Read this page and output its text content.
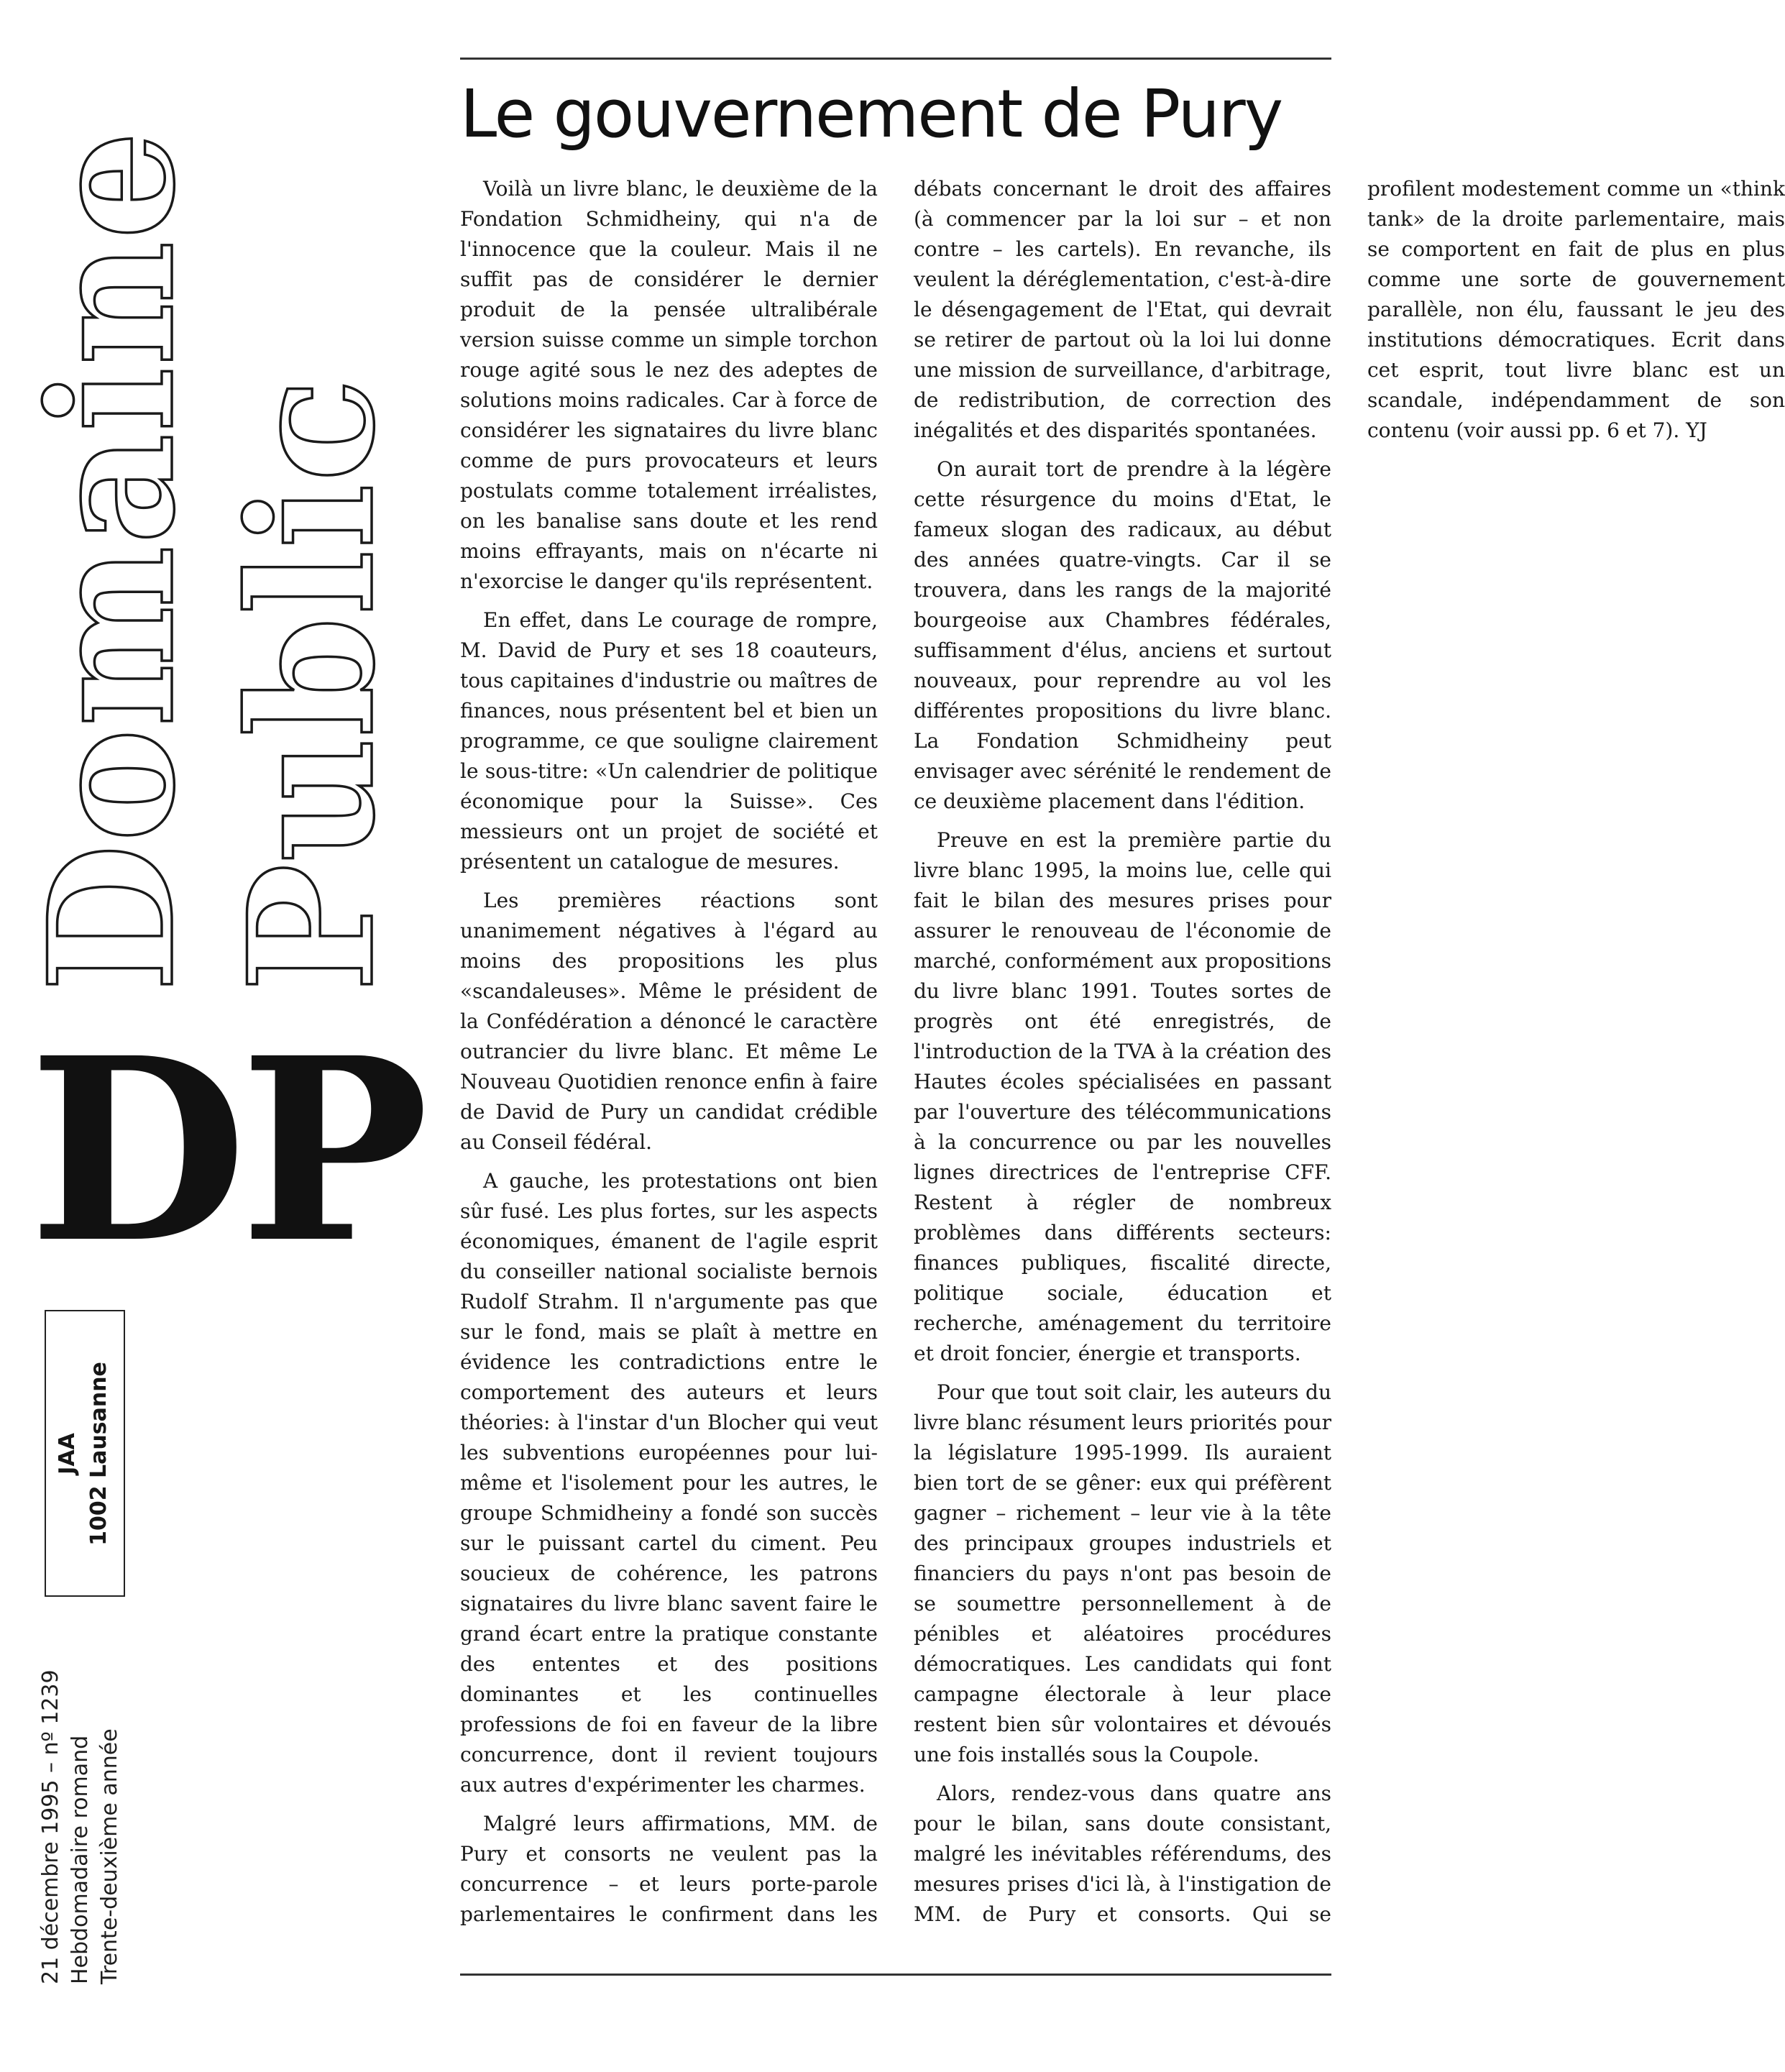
Domaine Public
DP
JAA 1002 Lausanne
21 décembre 1995 – nº 1239 Hebdomadaire romand Trente-deuxième année
Le gouvernement de Pury

Voilà un livre blanc, le deuxième de la Fondation Schmidheiny, qui n'a de l'innocence que la couleur. Mais il ne suffit pas de considérer le dernier produit de la pensée ultralibérale version suisse comme un simple torchon rouge agité sous le nez des adeptes de solutions moins radicales. Car à force de considérer les signataires du livre blanc comme de purs provocateurs et leurs postulats comme totalement irréalistes, on les banalise sans doute et les rend moins effrayants, mais on n'écarte ni n'exorcise le danger qu'ils représentent.

En effet, dans Le courage de rompre, M. David de Pury et ses 18 coauteurs, tous capitaines d'industrie ou maîtres de finances, nous présentent bel et bien un programme, ce que souligne clairement le sous-titre: «Un calendrier de politique économique pour la Suisse». Ces messieurs ont un projet de société et présentent un catalogue de mesures.

Les premières réactions sont unanimement négatives à l'égard au moins des propositions les plus «scandaleuses». Même le président de la Confédération a dénoncé le caractère outrancier du livre blanc. Et même Le Nouveau Quotidien renonce enfin à faire de David de Pury un candidat crédible au Conseil fédéral.

A gauche, les protestations ont bien sûr fusé. Les plus fortes, sur les aspects économiques, émanent de l'agile esprit du conseiller national socialiste bernois Rudolf Strahm. Il n'argumente pas que sur le fond, mais se plaît à mettre en évidence les contradictions entre le comportement des auteurs et leurs théories: à l'instar d'un Blocher qui veut les subventions européennes pour lui-même et l'isolement pour les autres, le groupe Schmidheiny a fondé son succès sur le puissant cartel du ciment. Peu soucieux de cohérence, les patrons signataires du livre blanc savent faire le grand écart entre la pratique constante des ententes et des positions dominantes et les continuelles professions de foi en faveur de la libre concurrence, dont il revient toujours aux autres d'expérimenter les charmes.

Malgré leurs affirmations, MM. de Pury et consorts ne veulent pas la concurrence – et leurs porte-parole parlementaires le confirment dans les débats concernant le droit des affaires (à commencer par la loi sur – et non contre – les cartels). En revanche, ils veulent la déréglementation, c'est-à-dire le désengagement de l'Etat, qui devrait se retirer de partout où la loi lui donne une mission de surveillance, d'arbitrage, de redistribution, de correction des inégalités et des disparités spontanées.

On aurait tort de prendre à la légère cette résurgence du moins d'Etat, le fameux slogan des radicaux, au début des années quatre-vingts. Car il se trouvera, dans les rangs de la majorité bourgeoise aux Chambres fédérales, suffisamment d'élus, anciens et surtout nouveaux, pour reprendre au vol les différentes propositions du livre blanc. La Fondation Schmidheiny peut envisager avec sérénité le rendement de ce deuxième placement dans l'édition.

Preuve en est la première partie du livre blanc 1995, la moins lue, celle qui fait le bilan des mesures prises pour assurer le renouveau de l'économie de marché, conformément aux propositions du livre blanc 1991. Toutes sortes de progrès ont été enregistrés, de l'introduction de la TVA à la création des Hautes écoles spécialisées en passant par l'ouverture des télécommunications à la concurrence ou par les nouvelles lignes directrices de l'entreprise CFF. Restent à régler de nombreux problèmes dans différents secteurs: finances publiques, fiscalité directe, politique sociale, éducation et recherche, aménagement du territoire et droit foncier, énergie et transports.

Pour que tout soit clair, les auteurs du livre blanc résument leurs priorités pour la législature 1995-1999. Ils auraient bien tort de se gêner: eux qui préfèrent gagner – richement – leur vie à la tête des principaux groupes industriels et financiers du pays n'ont pas besoin de se soumettre personnellement à de pénibles et aléatoires procédures démocratiques. Les candidats qui font campagne électorale à leur place restent bien sûr volontaires et dévoués une fois installés sous la Coupole.

Alors, rendez-vous dans quatre ans pour le bilan, sans doute consistant, malgré les inévitables référendums, des mesures prises d'ici là, à l'instigation de MM. de Pury et consorts. Qui se profilent modestement comme un «think tank» de la droite parlementaire, mais se comportent en fait de plus en plus comme une sorte de gouvernement parallèle, non élu, faussant le jeu des institutions démocratiques. Ecrit dans cet esprit, tout livre blanc est un scandale, indépendamment de son contenu (voir aussi pp. 6 et 7). YJ
